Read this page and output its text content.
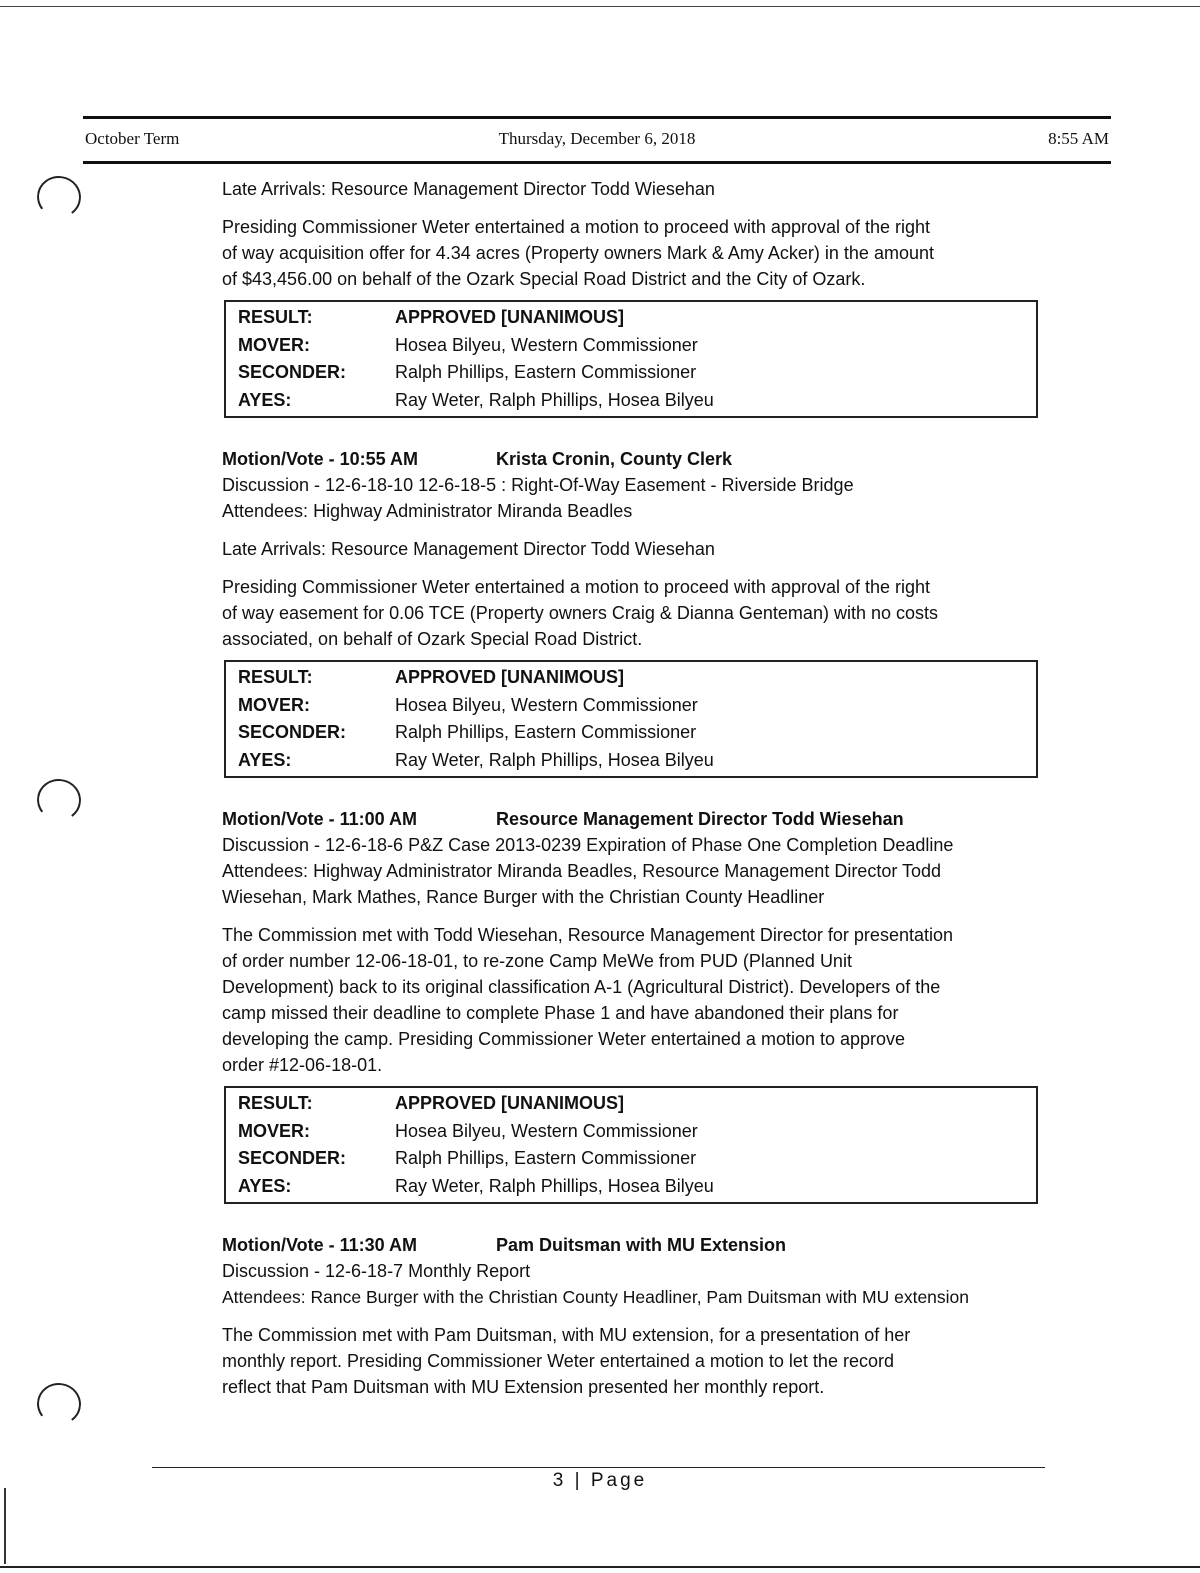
Thursday, December 6, 2018
October Term	8:55 AM

Late Arrivals: Resource Management Director Todd Wiesehan

Presiding Commissioner Weter entertained a motion to proceed with approval of the right
of way acquisition offer for 4.34 acres (Property owners Mark & Amy Acker) in the amount
of $43,456.00 on behalf of the Ozark Special Road District and the City of Ozark.

RESULT:	APPROVED [UNANIMOUS]
MOVER:	Hosea Bilyeu, Western Commissioner
SECONDER:	Ralph Phillips, Eastern Commissioner
AYES:	Ray Weter, Ralph Phillips, Hosea Bilyeu
Motion/Vote - 10:55 AM	Krista Cronin, County Clerk

Discussion - 12-6-18-10 12-6-18-5 : Right-Of-Way Easement - Riverside Bridge

Attendees: Highway Administrator Miranda Beadles

Late Arrivals: Resource Management Director Todd Wiesehan

Presiding Commissioner Weter entertained a motion to proceed with approval of the right
of way easement for 0.06 TCE (Property owners Craig & Dianna Genteman) with no costs
associated, on behalf of Ozark Special Road District.

RESULT:	APPROVED [UNANIMOUS]
MOVER:	Hosea Bilyeu, Western Commissioner
SECONDER:	Ralph Phillips, Eastern Commissioner
AYES:	Ray Weter, Ralph Phillips, Hosea Bilyeu
Motion/Vote - 11:00 AM	Resource Management Director Todd Wiesehan

Discussion - 12-6-18-6 P&Z Case 2013-0239 Expiration of Phase One Completion Deadline

Attendees: Highway Administrator Miranda Beadles, Resource Management Director Todd
Wiesehan, Mark Mathes, Rance Burger with the Christian County Headliner

The Commission met with Todd Wiesehan, Resource Management Director for presentation
of order number 12-06-18-01, to re-zone Camp MeWe from PUD (Planned Unit
Development) back to its original classification A-1 (Agricultural District). Developers of the
camp missed their deadline to complete Phase 1 and have abandoned their plans for
developing the camp. Presiding Commissioner Weter entertained a motion to approve
order #12-06-18-01.

RESULT:	APPROVED [UNANIMOUS]
MOVER:	Hosea Bilyeu, Western Commissioner
SECONDER:	Ralph Phillips, Eastern Commissioner
AYES:	Ray Weter, Ralph Phillips, Hosea Bilyeu
Motion/Vote - 11:30 AM	Pam Duitsman with MU Extension

Discussion - 12-6-18-7 Monthly Report

Attendees: Rance Burger with the Christian County Headliner, Pam Duitsman with MU extension

The Commission met with Pam Duitsman, with MU extension, for a presentation of her
monthly report. Presiding Commissioner Weter entertained a motion to let the record
reflect that Pam Duitsman with MU Extension presented her monthly report.

3 | Page
